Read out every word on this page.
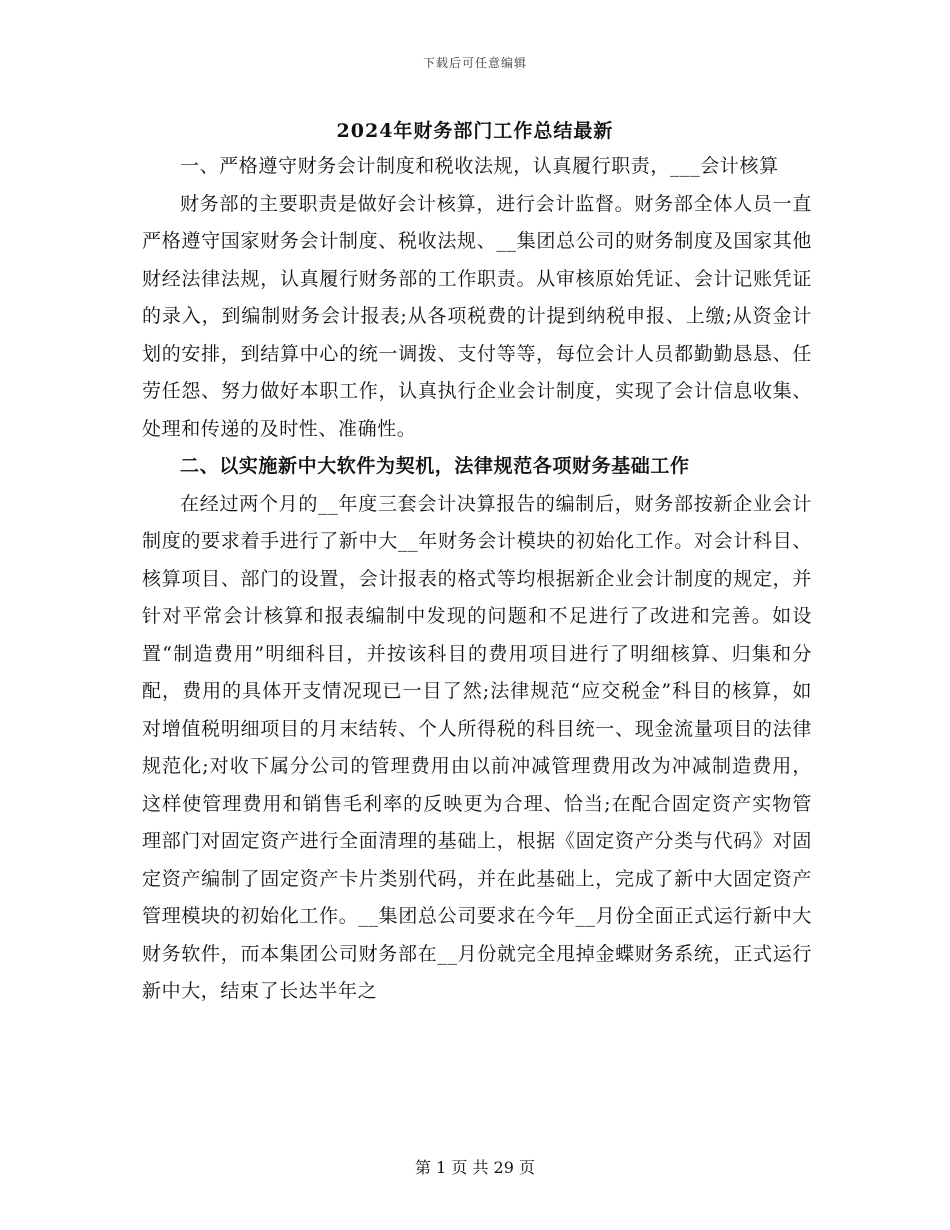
下载后可任意编辑
2024年财务部门工作总结最新

一、严格遵守财务会计制度和税收法规，认真履行职责，___会计核算

财务部的主要职责是做好会计核算，进行会计监督。财务部全体人员一直严格遵守国家财务会计制度、税收法规、__集团总公司的财务制度及国家其他财经法律法规，认真履行财务部的工作职责。从审核原始凭证、会计记账凭证的录入，到编制财务会计报表;从各项税费的计提到纳税申报、上缴;从资金计划的安排，到结算中心的统一调拨、支付等等，每位会计人员都勤勤恳恳、任劳任怨、努力做好本职工作，认真执行企业会计制度，实现了会计信息收集、处理和传递的及时性、准确性。

二、以实施新中大软件为契机，法律规范各项财务基础工作

在经过两个月的__年度三套会计决算报告的编制后，财务部按新企业会计制度的要求着手进行了新中大__年财务会计模块的初始化工作。对会计科目、核算项目、部门的设置，会计报表的格式等均根据新企业会计制度的规定，并针对平常会计核算和报表编制中发现的问题和不足进行了改进和完善。如设置“制造费用”明细科目，并按该科目的费用项目进行了明细核算、归集和分配，费用的具体开支情况现已一目了然;法律规范“应交税金”科目的核算，如对增值税明细项目的月末结转、个人所得税的科目统一、现金流量项目的法律规范化;对收下属分公司的管理费用由以前冲减管理费用改为冲减制造费用，这样使管理费用和销售毛利率的反映更为合理、恰当;在配合固定资产实物管理部门对固定资产进行全面清理的基础上，根据《固定资产分类与代码》对固定资产编制了固定资产卡片类别代码，并在此基础上，完成了新中大固定资产管理模块的初始化工作。__集团总公司要求在今年__月份全面正式运行新中大财务软件，而本集团公司财务部在__月份就完全甩掉金蝶财务系统，正式运行新中大，结束了长达半年之

第 1 页 共 29 页
